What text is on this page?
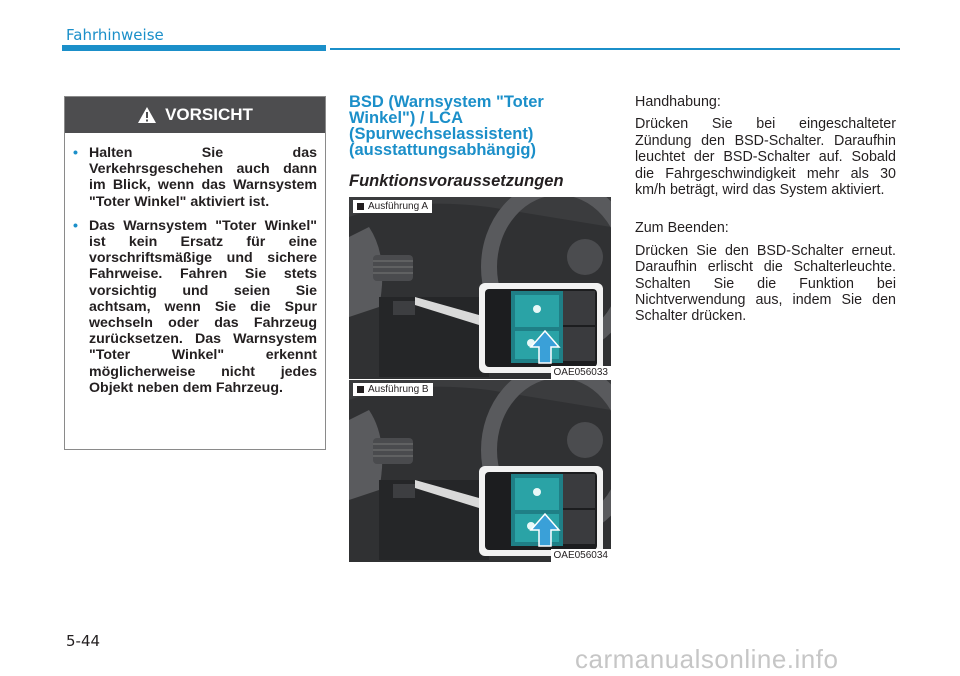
Fahrhinweise
VORSICHT
• Halten Sie das Verkehrsgeschehen auch dann im Blick, wenn das Warnsystem "Toter Winkel" aktiviert ist.
• Das Warnsystem "Toter Winkel" ist kein Ersatz für eine vorschriftsmäßige und sichere Fahrweise. Fahren Sie stets vorsichtig und seien Sie achtsam, wenn Sie die Spur wechseln oder das Fahrzeug zurücksetzen. Das Warnsystem "Toter Winkel" erkennt möglicherweise nicht jedes Objekt neben dem Fahrzeug.
BSD (Warnsystem "Toter Winkel") / LCA (Spurwechselassistent) (ausstattungsabhängig)
Funktionsvoraussetzungen
Ausführung A
OAE056033
Ausführung B
OAE056034

Handhabung:

Drücken Sie bei eingeschalteter Zündung den BSD-Schalter. Daraufhin leuchtet der BSD-Schalter auf. Sobald die Fahrgeschwindigkeit mehr als 30 km/h beträgt, wird das System aktiviert.

Zum Beenden:

Drücken Sie den BSD-Schalter erneut. Daraufhin erlischt die Schalterleuchte. Schalten Sie die Funktion bei Nichtverwendung aus, indem Sie den Schalter drücken.

5-44
carmanualsonline.info
